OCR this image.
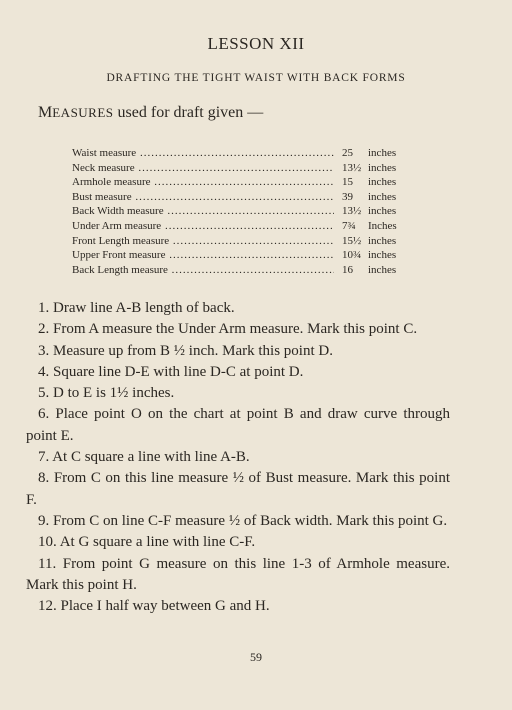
LESSON XII
DRAFTING THE TIGHT WAIST WITH BACK FORMS
MEASURES used for draft given —
Waist measure .....	25	inches
Neck measure .....	13½ inches
Armhole measure .....	15	inches
Bust measure .....	39	inches
Back Width measure .....	13½ inches
Under Arm measure .....	7¾	Inches
Front Length measure .....	15½ inches
Upper Front measure .....	10¾ inches
Back Length measure .....	16	inches
1. Draw line A-B length of back.
2. From A measure the Under Arm measure. Mark this point C.
3. Measure up from B ½ inch. Mark this point D.
4. Square line D-E with line D-C at point D.
5. D to E is 1½ inches.
6. Place point O on the chart at point B and draw curve through point E.
7. At C square a line with line A-B.
8. From C on this line measure ½ of Bust measure. Mark this point F.
9. From C on line C-F measure ½ of Back width. Mark this point G.
10. At G square a line with line C-F.
11. From point G measure on this line 1-3 of Armhole measure. Mark this point H.
12. Place I half way between G and H.
59
